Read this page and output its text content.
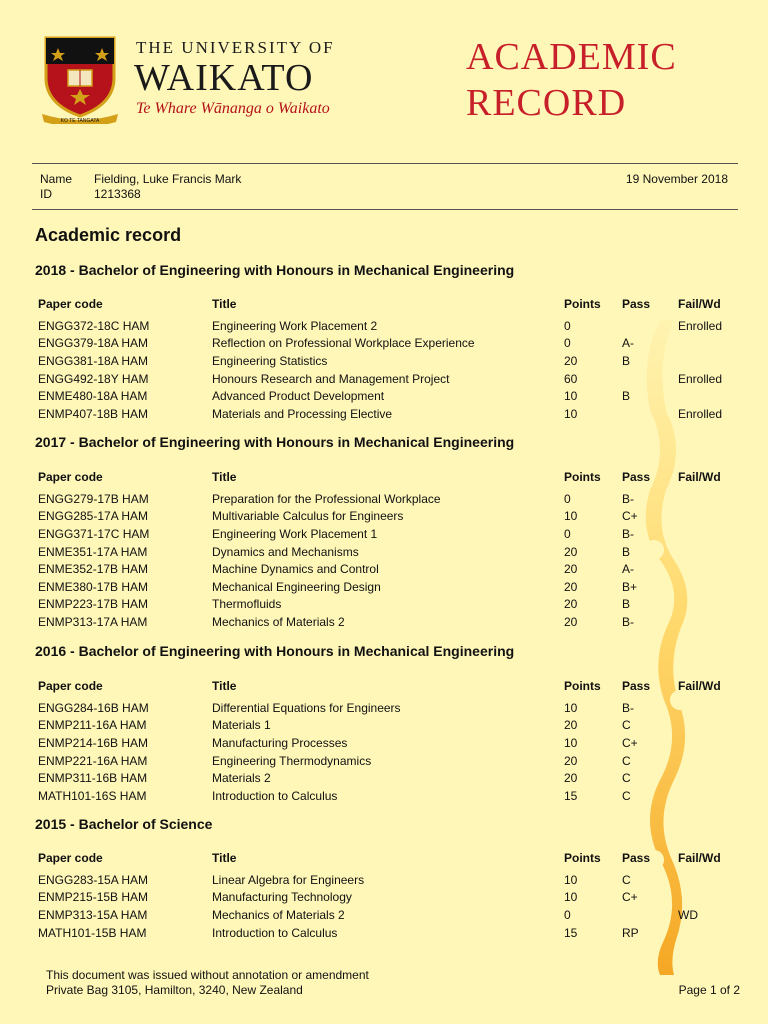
KO TE TANGATA
THE UNIVERSITY OF
WAIKATO
Te Whare Wānanga o Waikato
ACADEMIC
RECORD
Name Fielding, Luke Francis Mark
ID	1213368
19 November 2018
Academic record
2018 - Bachelor of Engineering with Honours in Mechanical Engineering
Paper code	Title	Points	Pass	Fail/Wd
ENGG372-18C HAM	Engineering Work Placement 2	0		Enrolled
ENGG379-18A HAM	Reflection on Professional Workplace Experience	0	A-	
ENGG381-18A HAM	Engineering Statistics	20	B	
ENGG492-18Y HAM	Honours Research and Management Project	60		Enrolled
ENME480-18A HAM	Advanced Product Development	10	B	
ENMP407-18B HAM	Materials and Processing Elective	10		Enrolled
2017 - Bachelor of Engineering with Honours in Mechanical Engineering
Paper code	Title	Points	Pass	Fail/Wd
ENGG279-17B HAM	Preparation for the Professional Workplace	0	B-	
ENGG285-17A HAM	Multivariable Calculus for Engineers	10	C+	
ENGG371-17C HAM	Engineering Work Placement 1	0	B-	
ENME351-17A HAM	Dynamics and Mechanisms	20	B	
ENME352-17B HAM	Machine Dynamics and Control	20	A-	
ENME380-17B HAM	Mechanical Engineering Design	20	B+	
ENMP223-17B HAM	Thermofluids	20	B	
ENMP313-17A HAM	Mechanics of Materials 2	20	B-	
2016 - Bachelor of Engineering with Honours in Mechanical Engineering
Paper code	Title	Points	Pass	Fail/Wd
ENGG284-16B HAM	Differential Equations for Engineers	10	B-	
ENMP211-16A HAM	Materials 1	20	C	
ENMP214-16B HAM	Manufacturing Processes	10	C+	
ENMP221-16A HAM	Engineering Thermodynamics	20	C	
ENMP311-16B HAM	Materials 2	20	C	
MATH101-16S HAM	Introduction to Calculus	15	C	
2015 - Bachelor of Science
Paper code	Title	Points	Pass	Fail/Wd
ENGG283-15A HAM	Linear Algebra for Engineers	10	C	
ENMP215-15B HAM	Manufacturing Technology	10	C+	
ENMP313-15A HAM	Mechanics of Materials 2	0		WD
MATH101-15B HAM	Introduction to Calculus	15	RP	
This document was issued without annotation or amendment
Private Bag 3105, Hamilton, 3240, New Zealand	Page 1 of 2
